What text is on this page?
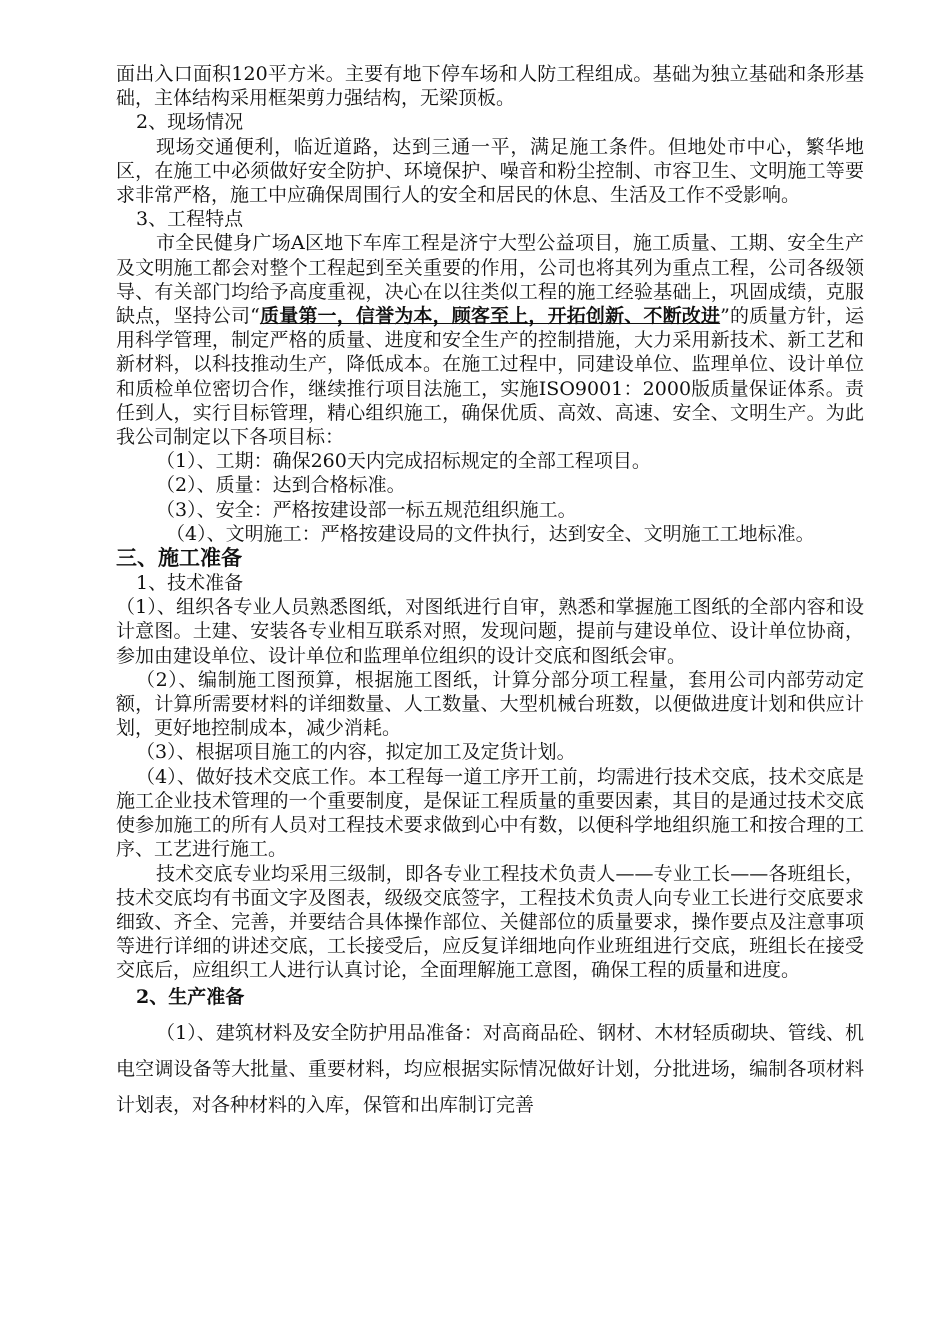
面出入口面积120平方米。主要有地下停车场和人防工程组成。基础为独立基础和条形基础，主体结构采用框架剪力强结构，无梁顶板。

2、现场情况

现场交通便利，临近道路，达到三通一平，满足施工条件。但地处市中心，繁华地区，在施工中必须做好安全防护、环境保护、噪音和粉尘控制、市容卫生、文明施工等要求非常严格，施工中应确保周围行人的安全和居民的休息、生活及工作不受影响。

3、工程特点

市全民健身广场A区地下车库工程是济宁大型公益项目，施工质量、工期、安全生产及文明施工都会对整个工程起到至关重要的作用，公司也将其列为重点工程，公司各级领导、有关部门均给予高度重视，决心在以往类似工程的施工经验基础上，巩固成绩，克服缺点，坚持公司“质量第一，信誉为本，顾客至上，开拓创新、不断改进”的质量方针，运用科学管理，制定严格的质量、进度和安全生产的控制措施，大力采用新技术、新工艺和新材料，以科技推动生产，降低成本。在施工过程中，同建设单位、监理单位、设计单位和质检单位密切合作，继续推行项目法施工，实施ISO9001：2000版质量保证体系。责任到人，实行目标管理，精心组织施工，确保优质、高效、高速、安全、文明生产。为此我公司制定以下各项目标：

（1）、工期：确保260天内完成招标规定的全部工程项目。

（2）、质量：达到合格标准。

（3）、安全：严格按建设部一标五规范组织施工。

（4）、文明施工：严格按建设局的文件执行，达到安全、文明施工工地标准。

三、施工准备

1、技术准备

（1）、组织各专业人员熟悉图纸，对图纸进行自审，熟悉和掌握施工图纸的全部内容和设计意图。土建、安装各专业相互联系对照，发现问题，提前与建设单位、设计单位协商，参加由建设单位、设计单位和监理单位组织的设计交底和图纸会审。

（2）、编制施工图预算，根据施工图纸，计算分部分项工程量，套用公司内部劳动定额，计算所需要材料的详细数量、人工数量、大型机械台班数，以便做进度计划和供应计划，更好地控制成本，减少消耗。

（3）、根据项目施工的内容，拟定加工及定货计划。

（4）、做好技术交底工作。本工程每一道工序开工前，均需进行技术交底，技术交底是施工企业技术管理的一个重要制度，是保证工程质量的重要因素，其目的是通过技术交底使参加施工的所有人员对工程技术要求做到心中有数，以便科学地组织施工和按合理的工序、工艺进行施工。

技术交底专业均采用三级制，即各专业工程技术负责人——专业工长——各班组长，技术交底均有书面文字及图表，级级交底签字，工程技术负责人向专业工长进行交底要求细致、齐全、完善，并要结合具体操作部位、关健部位的质量要求，操作要点及注意事项等进行详细的讲述交底，工长接受后，应反复详细地向作业班组进行交底，班组长在接受交底后，应组织工人进行认真讨论，全面理解施工意图，确保工程的质量和进度。

2、生产准备

（1）、建筑材料及安全防护用品准备：对高商品砼、钢材、木材轻质砌块、管线、机电空调设备等大批量、重要材料，均应根据实际情况做好计划，分批进场，编制各项材料计划表，对各种材料的入库，保管和出库制订完善
